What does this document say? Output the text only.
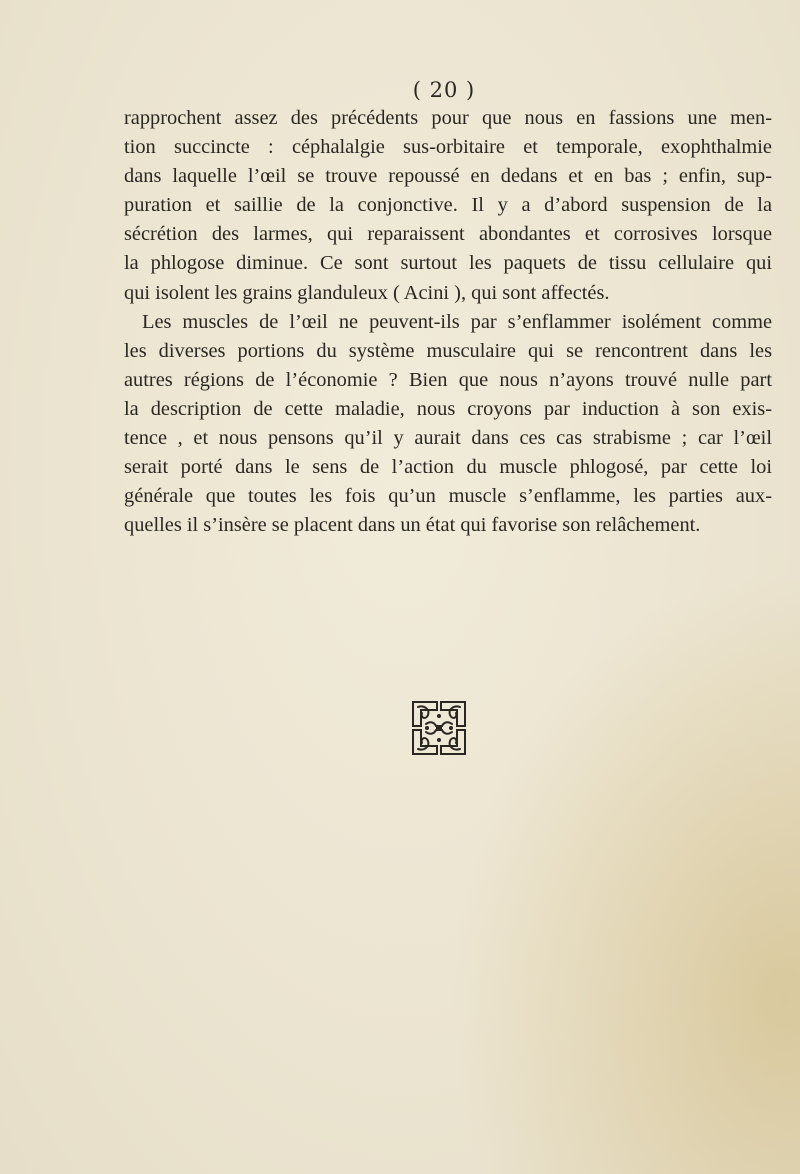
( 20 )
rapprochent assez des précédents pour que nous en fassions une men-
tion succincte : céphalalgie sus-orbitaire et temporale, exophthalmie
dans laquelle l’œil se trouve repoussé en dedans et en bas ; enfin, sup-
puration et saillie de la conjonctive. Il y a d’abord suspension de la
sécrétion des larmes, qui reparaissent abondantes et corrosives lorsque
la phlogose diminue. Ce sont surtout les paquets de tissu cellulaire qui
qui isolent les grains glanduleux ( Acini ), qui sont affectés.
Les muscles de l’œil ne peuvent-ils par s’enflammer isolément comme
les diverses portions du système musculaire qui se rencontrent dans les
autres régions de l’économie ? Bien que nous n’ayons trouvé nulle part
la description de cette maladie, nous croyons par induction à son exis-
tence , et nous pensons qu’il y aurait dans ces cas strabisme ; car l’œil
serait porté dans le sens de l’action du muscle phlogosé, par cette loi
générale que toutes les fois qu’un muscle s’enflamme, les parties aux-
quelles il s’insère se placent dans un état qui favorise son relâchement.
